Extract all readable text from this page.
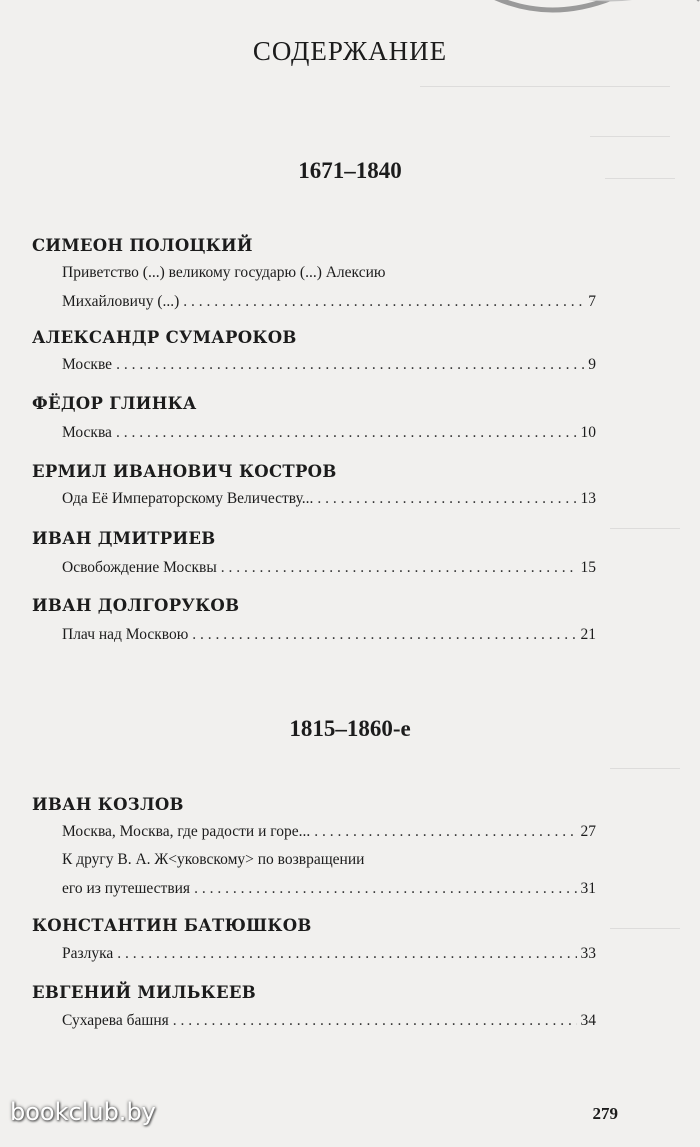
СОДЕРЖАНИЕ
1671–1840
СИМЕОН ПОЛОЦКИЙ
Приветство (...) великому государю (...) Алексию
Михайловичу (...) . . .	7
АЛЕКСАНДР СУМАРОКОВ
Москве . . .	9
ФЁДОР ГЛИНКА
Москва . . .	10
ЕРМИЛ ИВАНОВИЧ КОСТРОВ
Ода Её Императорскому Величеству... . . .	13
ИВАН ДМИТРИЕВ
Освобождение Москвы . . .	15
ИВАН ДОЛГОРУКОВ
Плач над Москвою . . .	21
1815–1860-е
ИВАН КОЗЛОВ
Москва, Москва, где радости и горе... . . .	27
К другу В. А. Ж<уковскому> по возвращении
его из путешествия . . .	31
КОНСТАНТИН БАТЮШКОВ
Разлука . . .	33
ЕВГЕНИЙ МИЛЬКЕЕВ
Сухарева башня . . .	34
bookclub.by	279
